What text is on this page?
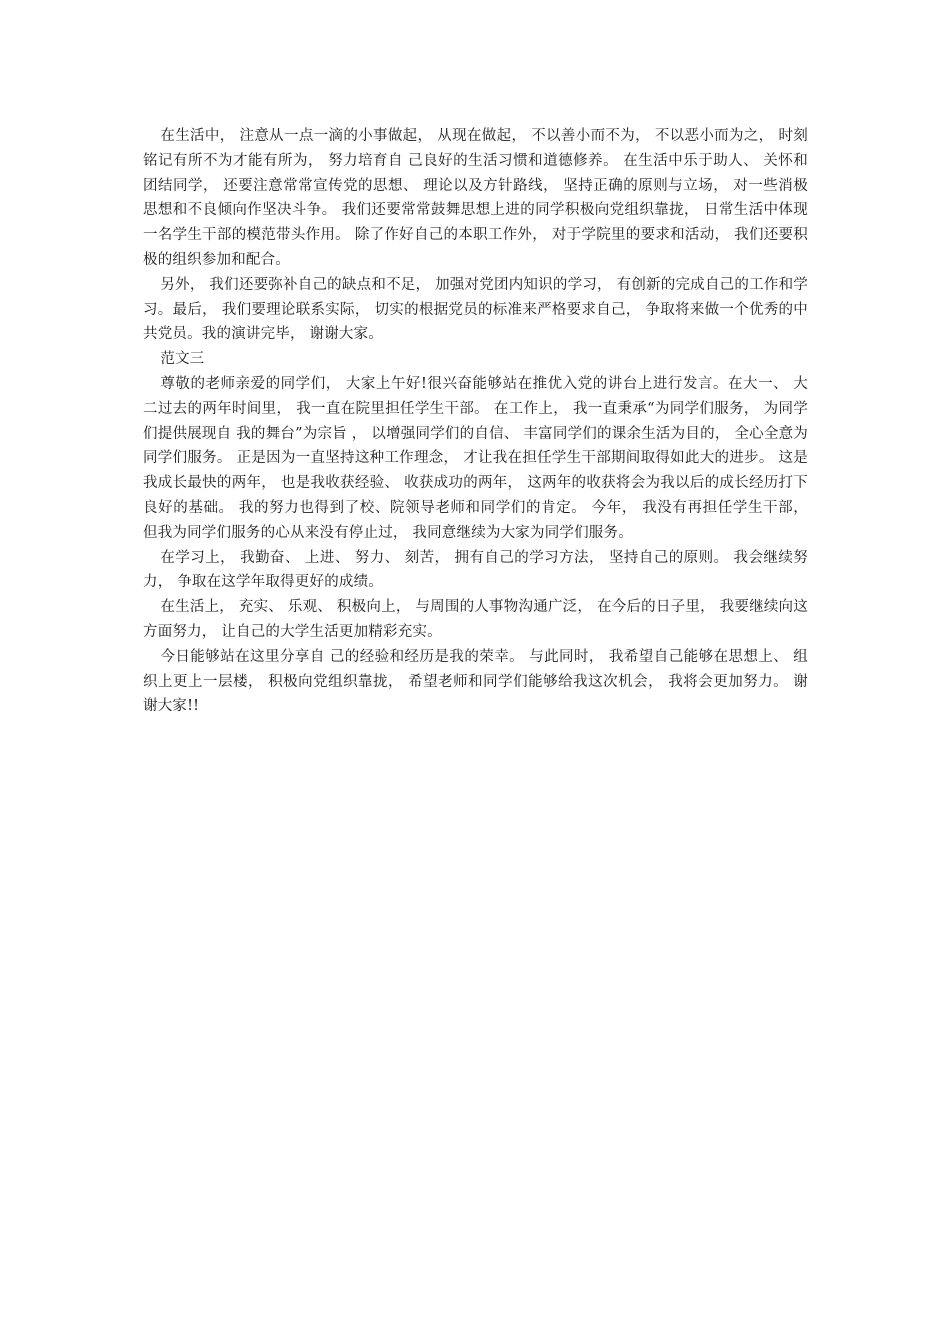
在生活中， 注意从一点一滴的小事做起， 从现在做起， 不以善小而不为， 不以恶小而为之， 时刻铭记有所不为才能有所为， 努力培育自 己良好的生活习惯和道德修养。 在生活中乐于助人、 关怀和团结同学， 还要注意常常宣传党的思想、 理论以及方针路线， 坚持正确的原则与立场， 对一些消极思想和不良倾向作坚决斗争。 我们还要常常鼓舞思想上进的同学积极向党组织靠拢， 日常生活中体现一名学生干部的模范带头作用。 除了作好自己的本职工作外， 对于学院里的要求和活动， 我们还要积极的组织参加和配合。

另外， 我们还要弥补自己的缺点和不足， 加强对党团内知识的学习， 有创新的完成自己的工作和学习。最后， 我们要理论联系实际， 切实的根据党员的标准来严格要求自己， 争取将来做一个优秀的中共党员。我的演讲完毕， 谢谢大家。

范文三

尊敬的老师亲爱的同学们， 大家上午好!很兴奋能够站在推优入党的讲台上进行发言。在大一、 大二过去的两年时间里， 我一直在院里担任学生干部。 在工作上， 我一直秉承“为同学们服务， 为同学们提供展现自 我的舞台”为宗旨 ， 以增强同学们的自信、 丰富同学们的课余生活为目的， 全心全意为同学们服务。 正是因为一直坚持这种工作理念， 才让我在担任学生干部期间取得如此大的进步。 这是我成长最快的两年， 也是我收获经验、 收获成功的两年， 这两年的收获将会为我以后的成长经历打下良好的基础。 我的努力也得到了校、院领导老师和同学们的肯定。 今年， 我没有再担任学生干部， 但我为同学们服务的心从来没有停止过， 我同意继续为大家为同学们服务。

在学习上， 我勤奋、 上进、 努力、 刻苦， 拥有自己的学习方法， 坚持自己的原则。 我会继续努力， 争取在这学年取得更好的成绩。

在生活上， 充实、 乐观、 积极向上， 与周围的人事物沟通广泛， 在今后的日子里， 我要继续向这方面努力， 让自己的大学生活更加精彩充实。

今日能够站在这里分享自 己的经验和经历是我的荣幸。 与此同时， 我希望自己能够在思想上、 组织上更上一层楼， 积极向党组织靠拢， 希望老师和同学们能够给我这次机会， 我将会更加努力。 谢谢大家!!
